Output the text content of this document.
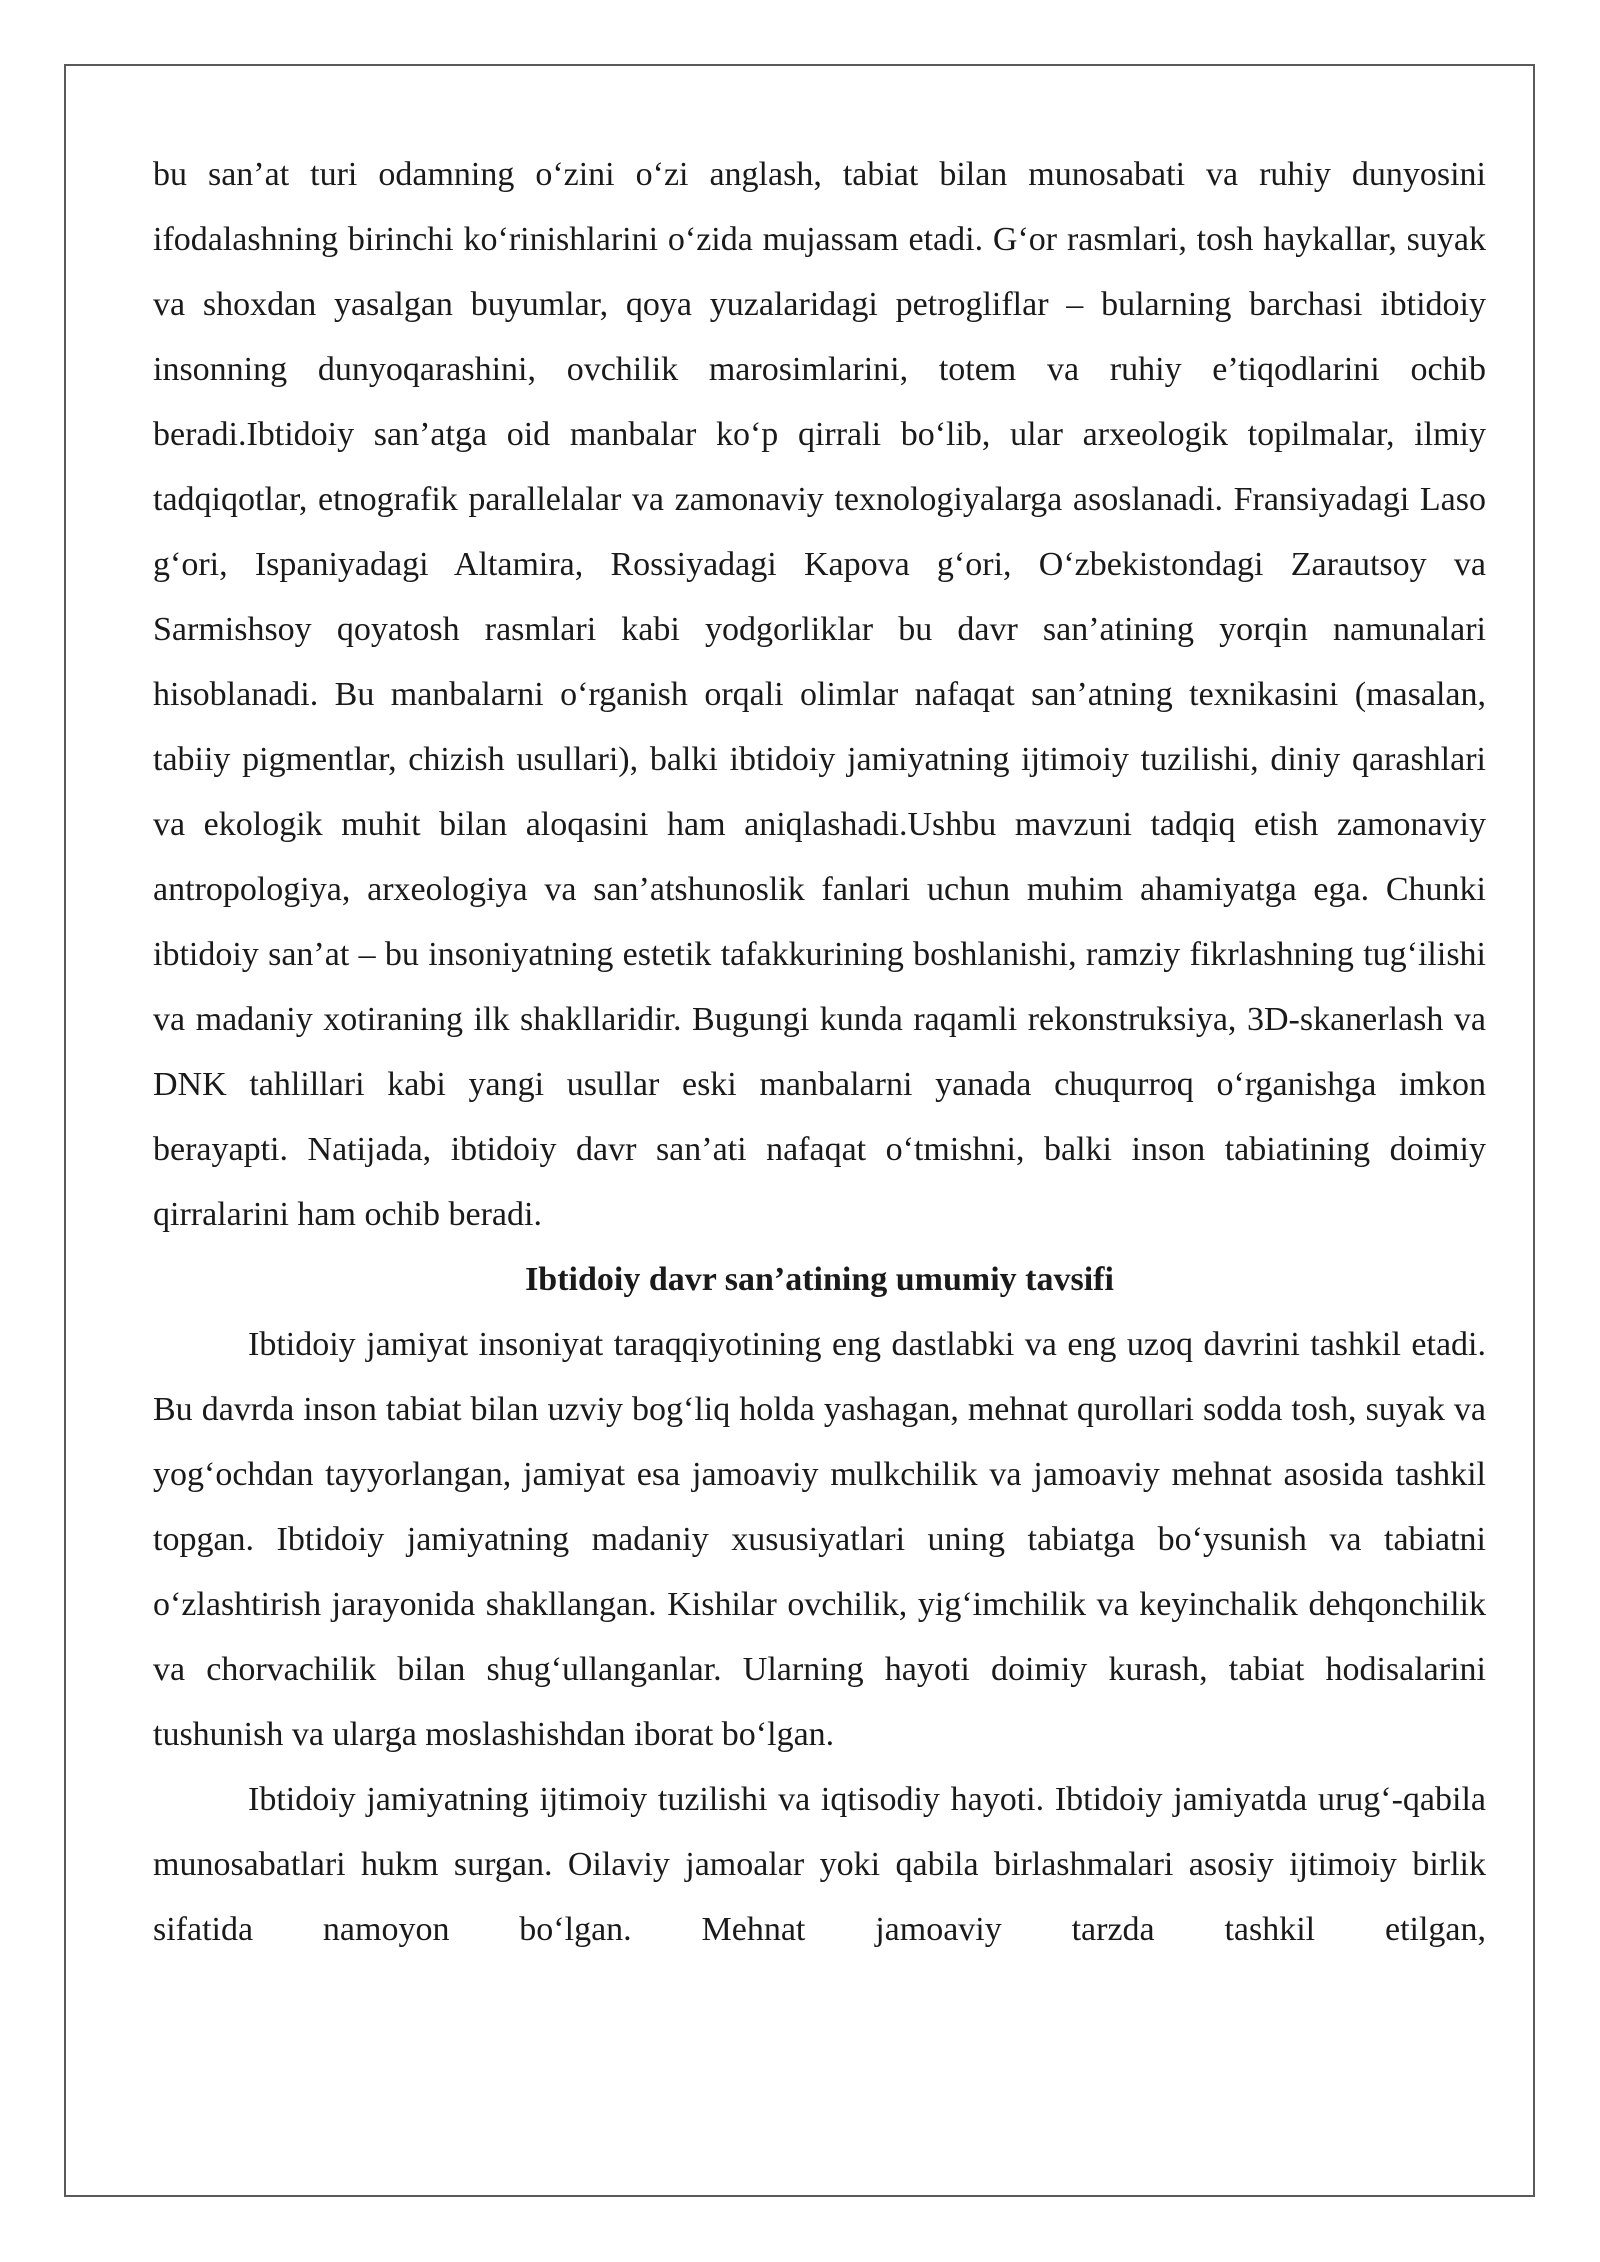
bu san’at turi odamning o‘zini o‘zi anglash, tabiat bilan munosabati va ruhiy dunyosini ifodalashning birinchi ko‘rinishlarini o‘zida mujassam etadi. G‘or rasmlari, tosh haykallar, suyak va shoxdan yasalgan buyumlar, qoya yuzalaridagi petrogliflar – bularning barchasi ibtidoiy insonning dunyoqarashini, ovchilik marosimlarini, totem va ruhiy e’tiqodlarini ochib beradi.Ibtidoiy san’atga oid manbalar ko‘p qirrali bo‘lib, ular arxeologik topilmalar, ilmiy tadqiqotlar, etnografik parallelalar va zamonaviy texnologiyalarga asoslanadi. Fransiyadagi Laso g‘ori, Ispaniyadagi Altamira, Rossiyadagi Kapova g‘ori, O‘zbekistondagi Zarautsoy va Sarmishsoy qoyatosh rasmlari kabi yodgorliklar bu davr san’atining yorqin namunalari hisoblanadi. Bu manbalarni o‘rganish orqali olimlar nafaqat san’atning texnikasini (masalan, tabiiy pigmentlar, chizish usullari), balki ibtidoiy jamiyatning ijtimoiy tuzilishi, diniy qarashlari va ekologik muhit bilan aloqasini ham aniqlashadi.Ushbu mavzuni tadqiq etish zamonaviy antropologiya, arxeologiya va san’atshunoslik fanlari uchun muhim ahamiyatga ega. Chunki ibtidoiy san’at – bu insoniyatning estetik tafakkurining boshlanishi, ramziy fikrlashning tug‘ilishi va madaniy xotiraning ilk shakllaridir. Bugungi kunda raqamli rekonstruksiya, 3D-skanerlash va DNK tahlillari kabi yangi usullar eski manbalarni yanada chuqurroq o‘rganishga imkon berayapti. Natijada, ibtidoiy davr san’ati nafaqat o‘tmishni, balki inson tabiatining doimiy qirralarini ham ochib beradi.

Ibtidoiy davr san’atining umumiy tavsifi

Ibtidoiy jamiyat insoniyat taraqqiyotining eng dastlabki va eng uzoq davrini tashkil etadi. Bu davrda inson tabiat bilan uzviy bog‘liq holda yashagan, mehnat qurollari sodda tosh, suyak va yog‘ochdan tayyorlangan, jamiyat esa jamoaviy mulkchilik va jamoaviy mehnat asosida tashkil topgan. Ibtidoiy jamiyatning madaniy xususiyatlari uning tabiatga bo‘ysunish va tabiatni o‘zlashtirish jarayonida shakllangan. Kishilar ovchilik, yig‘imchilik va keyinchalik dehqonchilik va chorvachilik bilan shug‘ullanganlar. Ularning hayoti doimiy kurash, tabiat hodisalarini tushunish va ularga moslashishdan iborat bo‘lgan.

Ibtidoiy jamiyatning ijtimoiy tuzilishi va iqtisodiy hayoti. Ibtidoiy jamiyatda urug‘-qabila munosabatlari hukm surgan. Oilaviy jamoalar yoki qabila birlashmalari asosiy ijtimoiy birlik sifatida namoyon bo‘lgan. Mehnat jamoaviy tarzda tashkil etilgan,
